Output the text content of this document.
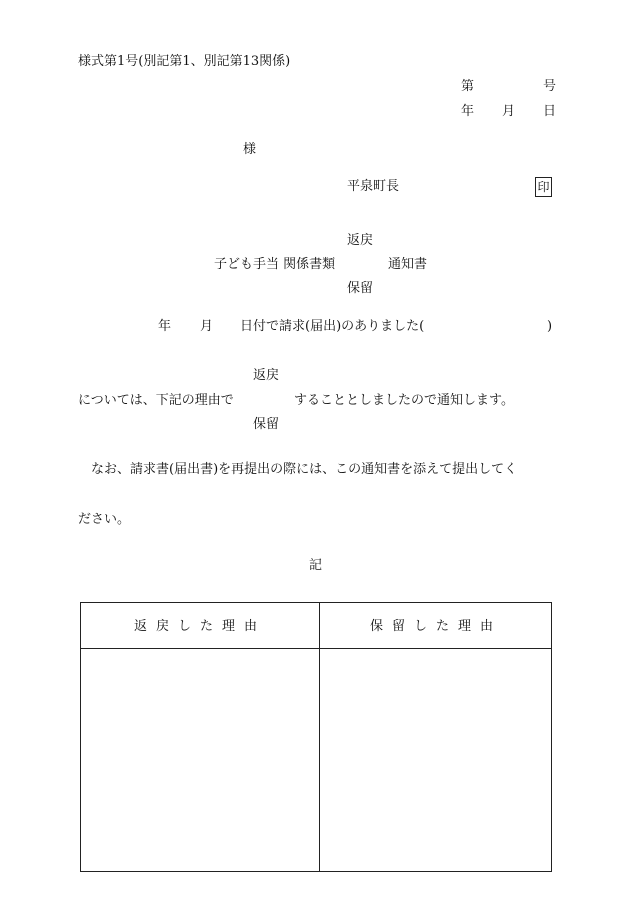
様式第1号(別記第1、別記第13関係)
第	号
年 月 日
様
平泉町長	印
返戻
子ども手当 関係書類	通知書
保留
年 月 日付で請求(届出)のありました(	)
返戻
については、下記の理由で	することとしましたので通知します。
保留
なお、請求書(届出書)を再提出の際には、この通知書を添えて提出してく
ださい。
記
返戻した理由	保留した理由
